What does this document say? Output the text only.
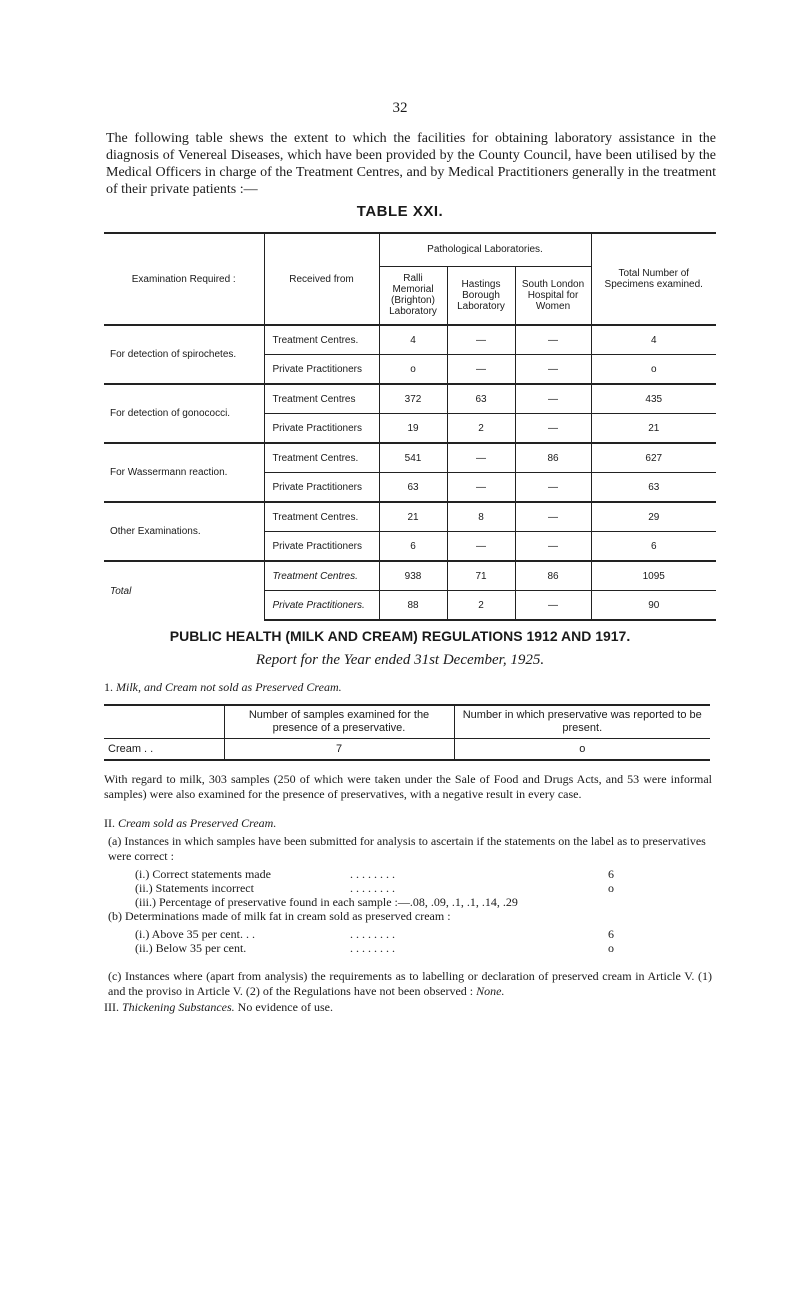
32
The following table shews the extent to which the facilities for obtaining laboratory assistance in the diagnosis of Venereal Diseases, which have been provided by the County Council, have been utilised by the Medical Officers in charge of the Treatment Centres, and by Medical Practitioners generally in the treatment of their private patients :—
TABLE XXI.
Examination Required :	Received from	Pathological Laboratories.			Total Number of Specimens examined.
		Ralli Memorial (Brighton) Laboratory	Hastings Borough Laboratory	South London Hospital for Women	
For detection of spirochetes.	Treatment Centres.	4	—	—	4
	Private Practitioners	o	—	—	o
For detection of gonococci.	Treatment Centres	372	63	—	435
	Private Practitioners	19	2	—	21
For Wassermann reaction.	Treatment Centres.	541	—	86	627
	Private Practitioners	63	—	—	63
Other Examinations.	Treatment Centres.	21	8	—	29
	Private Practitioners	6	—	—	6
Total	Treatment Centres.	938	71	86	1095
	Private Practitioners.	88	2	—	90
PUBLIC HEALTH (MILK AND CREAM) REGULATIONS 1912 AND 1917.
Report for the Year ended 31st December, 1925.
1. Milk, and Cream not sold as Preserved Cream.
	Number of samples examined for the presence of a preservative.	Number in which preservative was reported to be present.
Cream . .	7	o
With regard to milk, 303 samples (250 of which were taken under the Sale of Food and Drugs Acts, and 53 were informal samples) were also examined for the presence of preservatives, with a negative result in every case.
II. Cream sold as Preserved Cream.
(a) Instances in which samples have been submitted for analysis to ascertain if the statements on the label as to preservatives were correct :
(i.) Correct statements made	. . . . . . . .	6
(ii.) Statements incorrect	. . . . . . . .	o
(iii.) Percentage of preservative found in each sample :—.08, .09, .1, .1, .14, .29
(b) Determinations made of milk fat in cream sold as preserved cream :
(i.) Above 35 per cent. . .	. . . . . . . .	6
(ii.) Below 35 per cent.	. . . . . . . .	o
(c) Instances where (apart from analysis) the requirements as to labelling or declaration of preserved cream in Article V. (1) and the proviso in Article V. (2) of the Regulations have not been observed : None.
III. Thickening Substances. No evidence of use.
